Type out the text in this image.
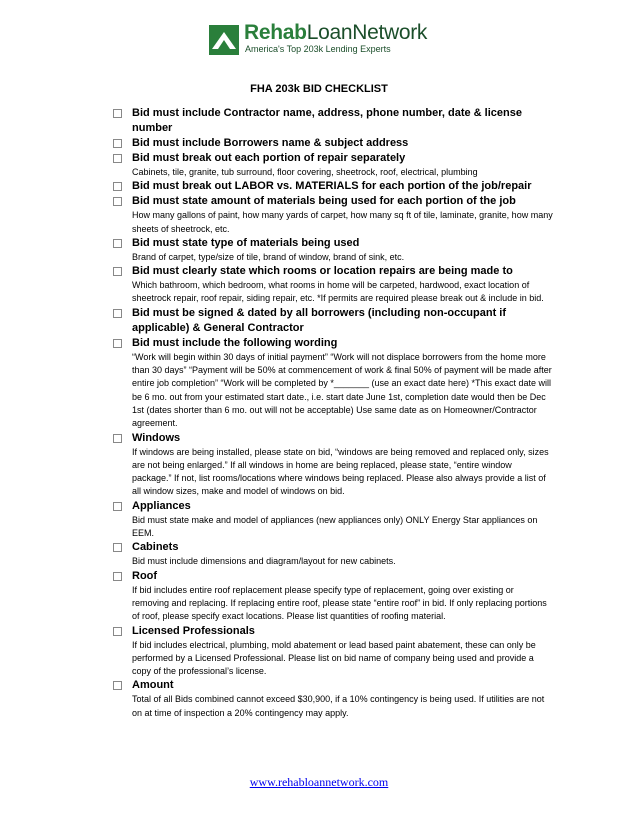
RehabLoanNetwork
America's Top 203k Lending Experts
FHA 203k BID CHECKLIST
Bid must include Contractor name, address, phone number, date & license number
Bid must include Borrowers name & subject address
Bid must break out each portion of repair separately
Cabinets, tile, granite, tub surround, floor covering, sheetrock, roof, electrical, plumbing
Bid must break out LABOR vs. MATERIALS for each portion of the job/repair
Bid must state amount of materials being used for each portion of the job
How many gallons of paint, how many yards of carpet, how many sq ft of tile, laminate, granite, how many sheets of sheetrock, etc.
Bid must state type of materials being used
Brand of carpet, type/size of tile, brand of window, brand of sink, etc.
Bid must clearly state which rooms or location repairs are being made to
Which bathroom, which bedroom, what rooms in home will be carpeted, hardwood, exact location of sheetrock repair, roof repair, siding repair, etc. *If permits are required please break out & include in bid.
Bid must be signed & dated by all borrowers (including non-occupant if applicable) & General Contractor
Bid must include the following wording
“Work will begin within 30 days of initial payment” “Work will not displace borrowers from the home more than 30 days” “Payment will be 50% at commencement of work & final 50% of payment will be made after entire job completion” “Work will be completed by *_______ (use an exact date here) *This exact date will be 6 mo. out from your estimated start date., i.e. start date June 1st, completion date would then be Dec 1st (dates shorter than 6 mo. out will not be acceptable) Use same date as on Homeowner/Contractor agreement.
Windows
If windows are being installed, please state on bid, “windows are being removed and replaced only, sizes are not being enlarged.” If all windows in home are being replaced, please state, “entire window package.” If not, list rooms/locations where windows being replaced. Please also always provide a list of all window sizes, make and model of windows on bid.
Appliances
Bid must state make and model of appliances (new appliances only) ONLY Energy Star appliances on EEM.
Cabinets
Bid must include dimensions and diagram/layout for new cabinets.
Roof
If bid includes entire roof replacement please specify type of replacement, going over existing or removing and replacing. If replacing entire roof, please state “entire roof” in bid. If only replacing portions of roof, please specify exact locations. Please list quantities of roofing material.
Licensed Professionals
If bid includes electrical, plumbing, mold abatement or lead based paint abatement, these can only be performed by a Licensed Professional. Please list on bid name of company being used and provide a copy of the professional’s license.
Amount
Total of all Bids combined cannot exceed $30,900, if a 10% contingency is being used. If utilities are not on at time of inspection a 20% contingency may apply.
www.rehabloannetwork.com
